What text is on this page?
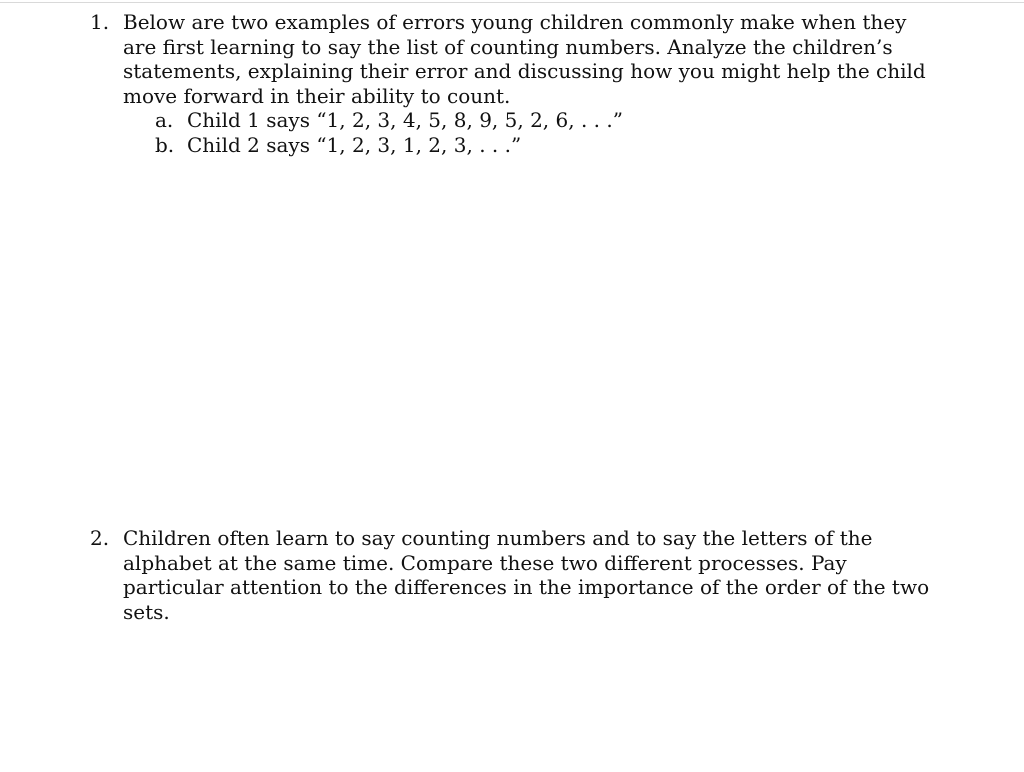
1. Below are two examples of errors young children commonly make when they are first learning to say the list of counting numbers. Analyze the children’s statements, explaining their error and discussing how you might help the child move forward in their ability to count.

a. Child 1 says “1, 2, 3, 4, 5, 8, 9, 5, 2, 6, . . .”
b. Child 2 says “1, 2, 3, 1, 2, 3, . . .”
2. Children often learn to say counting numbers and to say the letters of the alphabet at the same time. Compare these two different processes. Pay particular attention to the differences in the importance of the order of the two sets.
